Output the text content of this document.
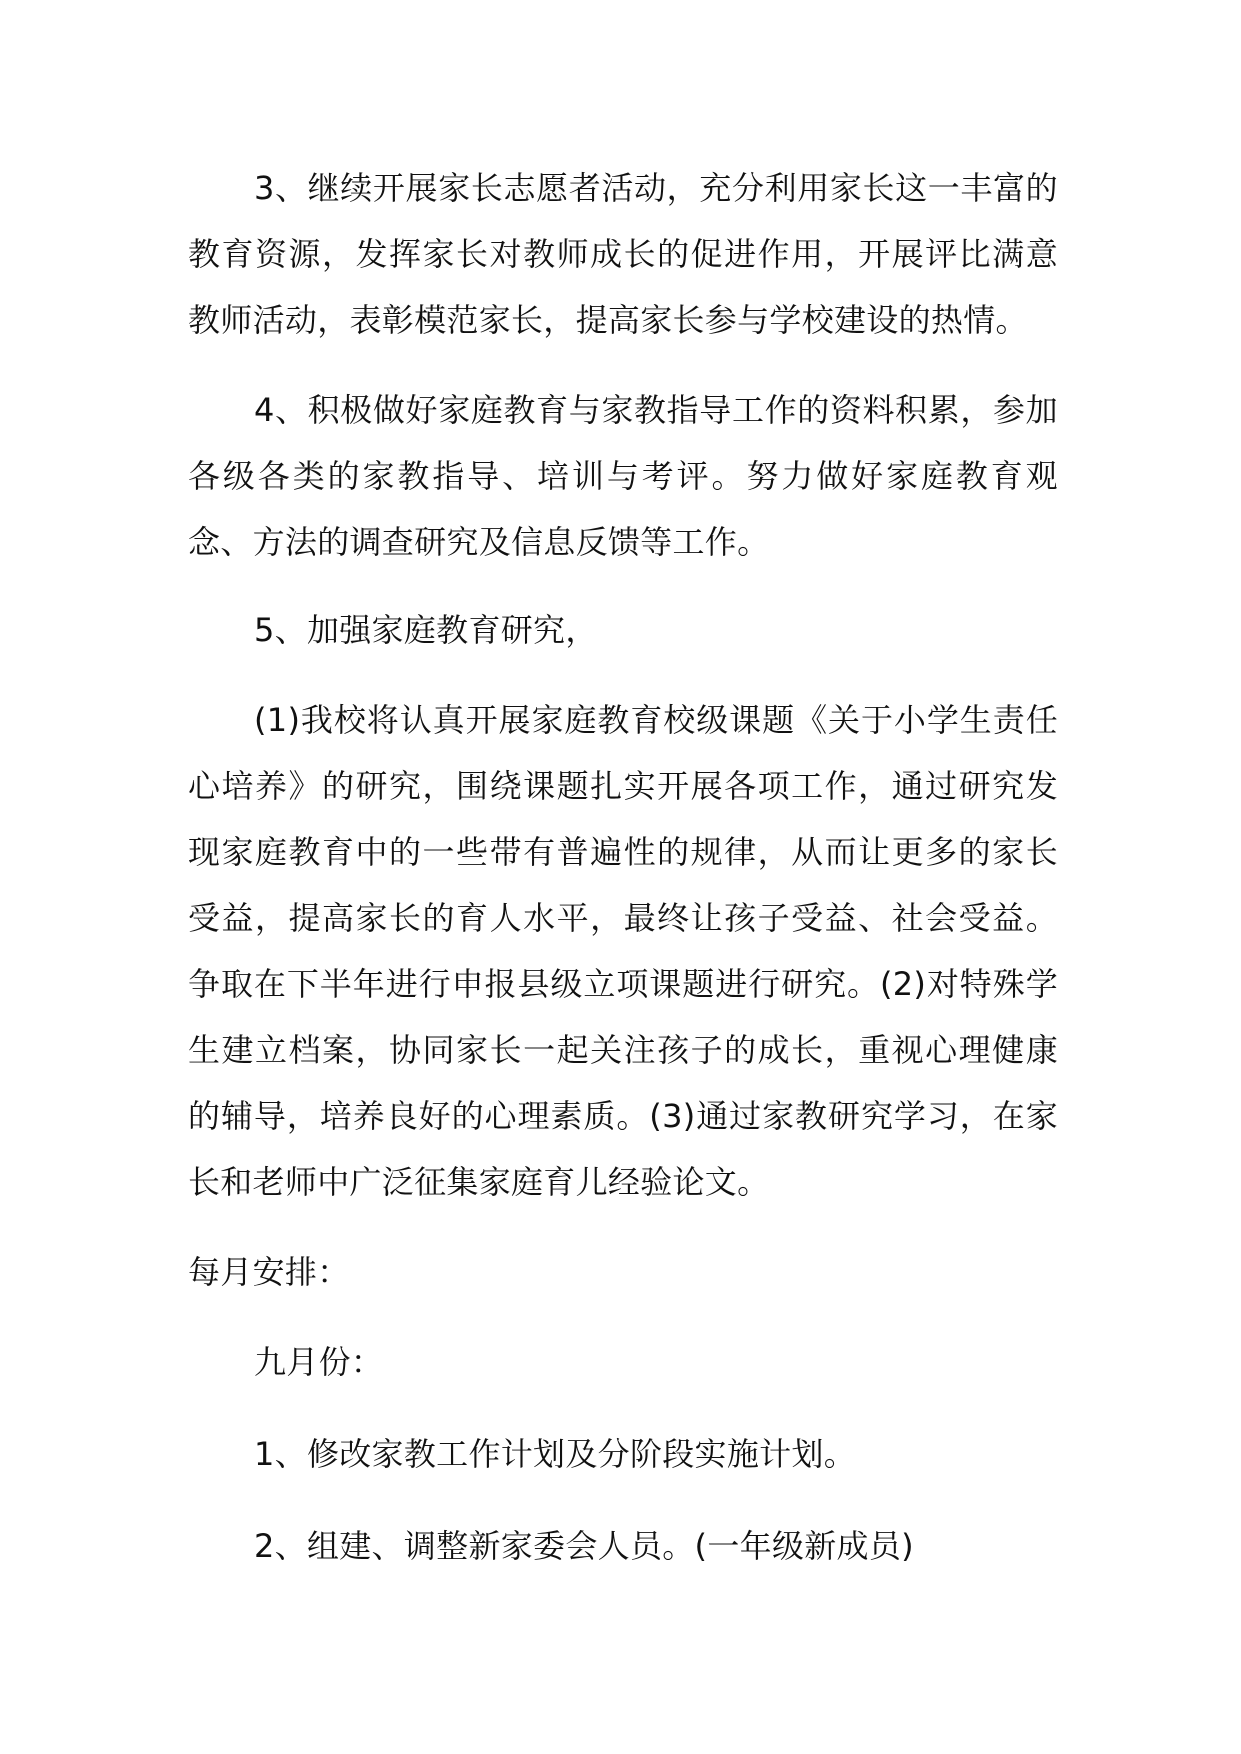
3、继续开展家长志愿者活动，充分利用家长这一丰富的教育资源，发挥家长对教师成长的促进作用，开展评比满意教师活动，表彰模范家长，提高家长参与学校建设的热情。

4、积极做好家庭教育与家教指导工作的资料积累，参加各级各类的家教指导、培训与考评。努力做好家庭教育观念、方法的调查研究及信息反馈等工作。

5、加强家庭教育研究，

(1)我校将认真开展家庭教育校级课题《关于小学生责任心培养》的研究，围绕课题扎实开展各项工作，通过研究发现家庭教育中的一些带有普遍性的规律，从而让更多的家长受益，提高家长的育人水平，最终让孩子受益、社会受益。争取在下半年进行申报县级立项课题进行研究。(2)对特殊学生建立档案，协同家长一起关注孩子的成长，重视心理健康的辅导，培养良好的心理素质。(3)通过家教研究学习，在家长和老师中广泛征集家庭育儿经验论文。

每月安排：

九月份：

1、修改家教工作计划及分阶段实施计划。

2、组建、调整新家委会人员。(一年级新成员)
